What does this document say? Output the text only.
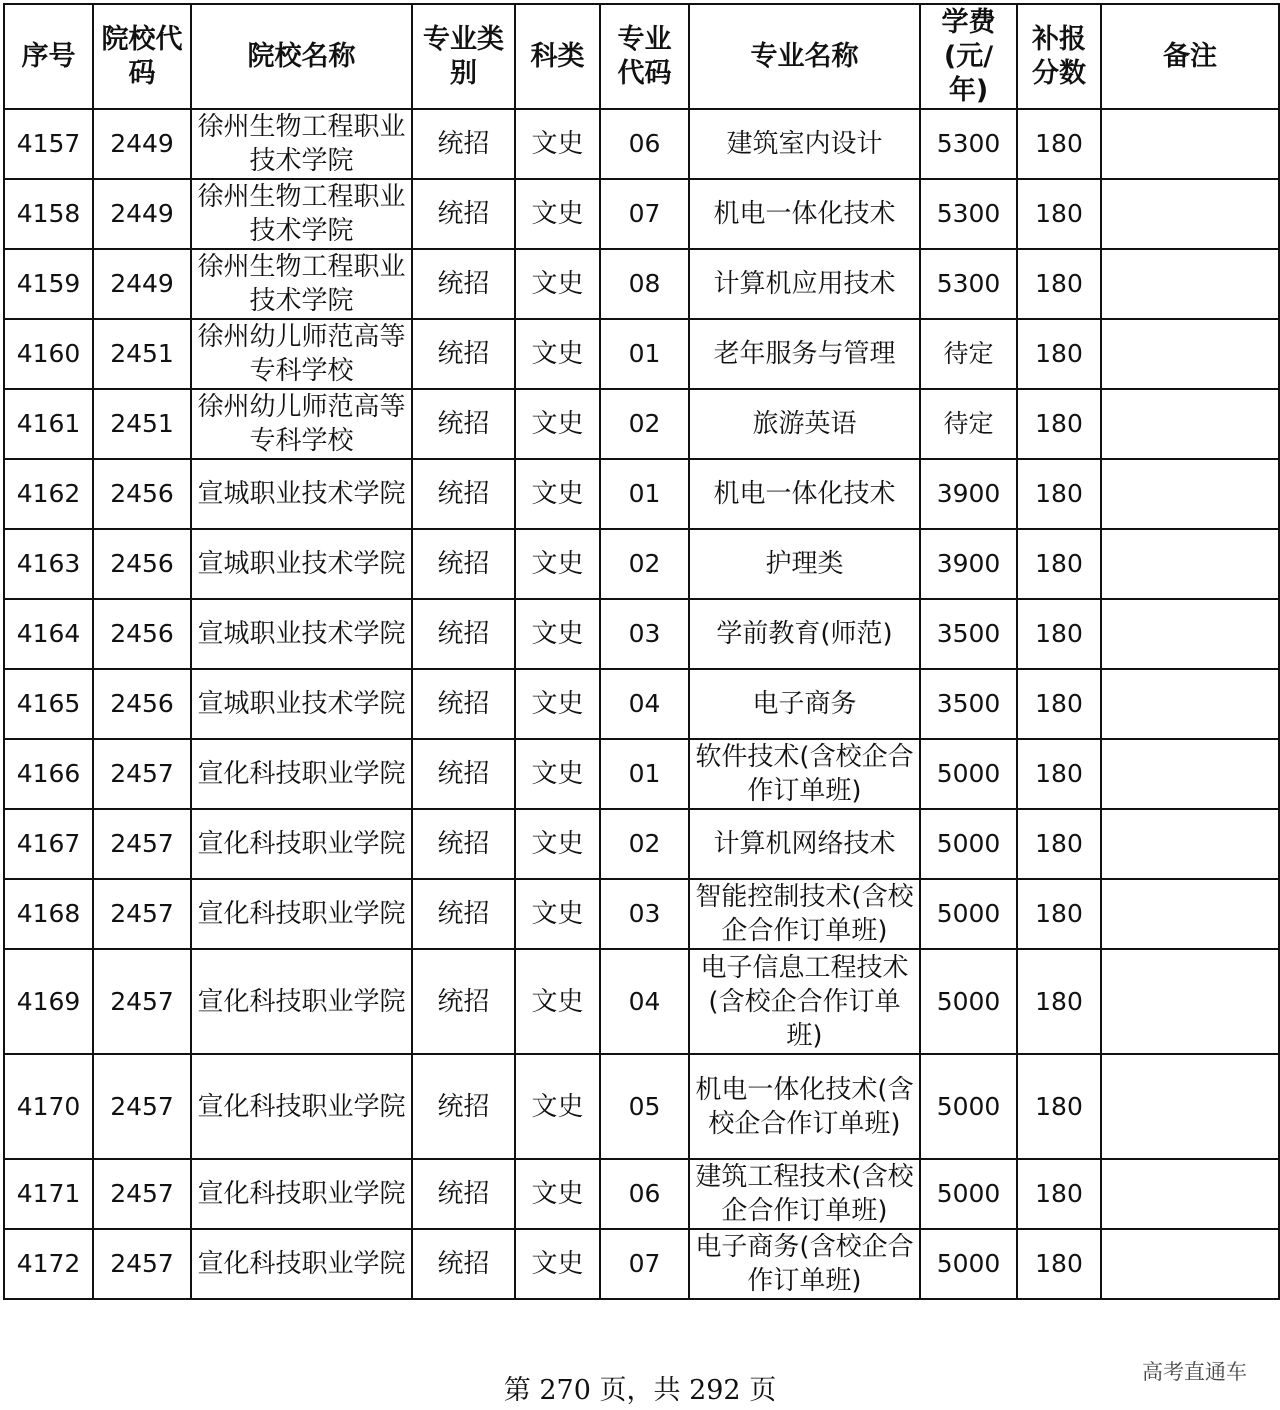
序号	院校代码	院校名称	专业类别	科类	专业代码	专业名称	学费(元/年)	补报分数	备注
4157	2449	徐州生物工程职业技术学院	统招	文史	06	建筑室内设计	5300	180	
4158	2449	徐州生物工程职业技术学院	统招	文史	07	机电一体化技术	5300	180	
4159	2449	徐州生物工程职业技术学院	统招	文史	08	计算机应用技术	5300	180	
4160	2451	徐州幼儿师范高等专科学校	统招	文史	01	老年服务与管理	待定	180	
4161	2451	徐州幼儿师范高等专科学校	统招	文史	02	旅游英语	待定	180	
4162	2456	宣城职业技术学院	统招	文史	01	机电一体化技术	3900	180	
4163	2456	宣城职业技术学院	统招	文史	02	护理类	3900	180	
4164	2456	宣城职业技术学院	统招	文史	03	学前教育(师范)	3500	180	
4165	2456	宣城职业技术学院	统招	文史	04	电子商务	3500	180	
4166	2457	宣化科技职业学院	统招	文史	01	软件技术(含校企合作订单班)	5000	180	
4167	2457	宣化科技职业学院	统招	文史	02	计算机网络技术	5000	180	
4168	2457	宣化科技职业学院	统招	文史	03	智能控制技术(含校企合作订单班)	5000	180	
4169	2457	宣化科技职业学院	统招	文史	04	电子信息工程技术(含校企合作订单班)	5000	180	
4170	2457	宣化科技职业学院	统招	文史	05	机电一体化技术(含校企合作订单班)	5000	180	
4171	2457	宣化科技职业学院	统招	文史	06	建筑工程技术(含校企合作订单班)	5000	180	
4172	2457	宣化科技职业学院	统招	文史	07	电子商务(含校企合作订单班)	5000	180	
第 270 页，共 292 页
高考直通车
